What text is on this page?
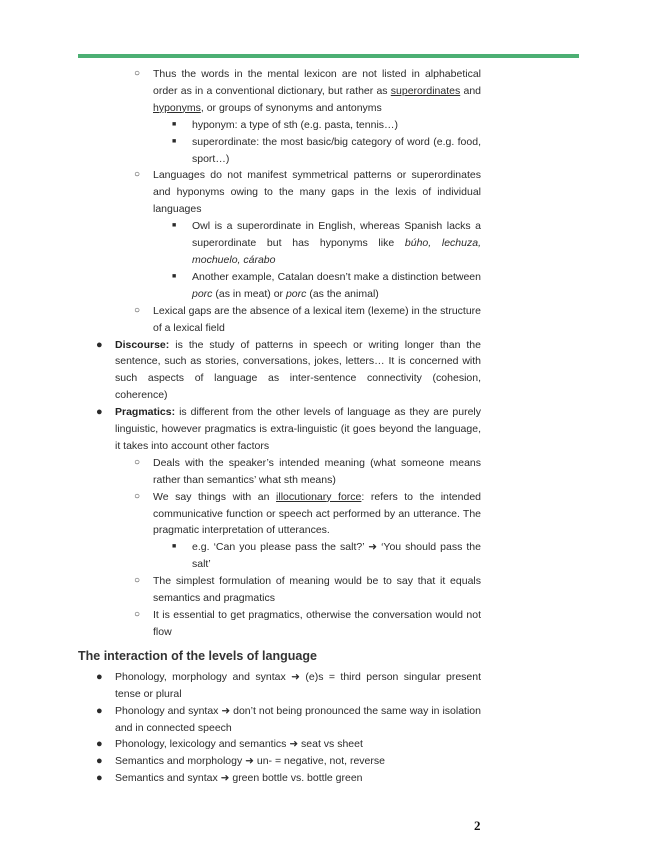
○ Thus the words in the mental lexicon are not listed in alphabetical order as in a conventional dictionary, but rather as superordinates and hyponyms, or groups of synonyms and antonyms
■ hyponym: a type of sth (e.g. pasta, tennis…)
■ superordinate: the most basic/big category of word (e.g. food, sport…)
○ Languages do not manifest symmetrical patterns or superordinates and hyponyms owing to the many gaps in the lexis of individual languages
■ Owl is a superordinate in English, whereas Spanish lacks a superordinate but has hyponyms like búho, lechuza, mochuelo, cárabo
■ Another example, Catalan doesn’t make a distinction between porc (as in meat) or porc (as the animal)
○ Lexical gaps are the absence of a lexical item (lexeme) in the structure of a lexical field
● Discourse: is the study of patterns in speech or writing longer than the sentence, such as stories, conversations, jokes, letters… It is concerned with such aspects of language as inter-sentence connectivity (cohesion, coherence)
● Pragmatics: is different from the other levels of language as they are purely linguistic, however pragmatics is extra-linguistic (it goes beyond the language, it takes into account other factors
○ Deals with the speaker’s intended meaning (what someone means rather than semantics’ what sth means)
○ We say things with an illocutionary force: refers to the intended communicative function or speech act performed by an utterance. The pragmatic interpretation of utterances.
■ e.g. ‘Can you please pass the salt?’ ➜ ‘You should pass the salt’
○ The simplest formulation of meaning would be to say that it equals semantics and pragmatics
○ It is essential to get pragmatics, otherwise the conversation would not flow
The interaction of the levels of language
● Phonology, morphology and syntax ➜ (e)s = third person singular present tense or plural
● Phonology and syntax ➜ don’t not being pronounced the same way in isolation and in connected speech
● Phonology, lexicology and semantics ➜ seat vs sheet
● Semantics and morphology ➜ un- = negative, not, reverse
● Semantics and syntax ➜ green bottle vs. bottle green
2
